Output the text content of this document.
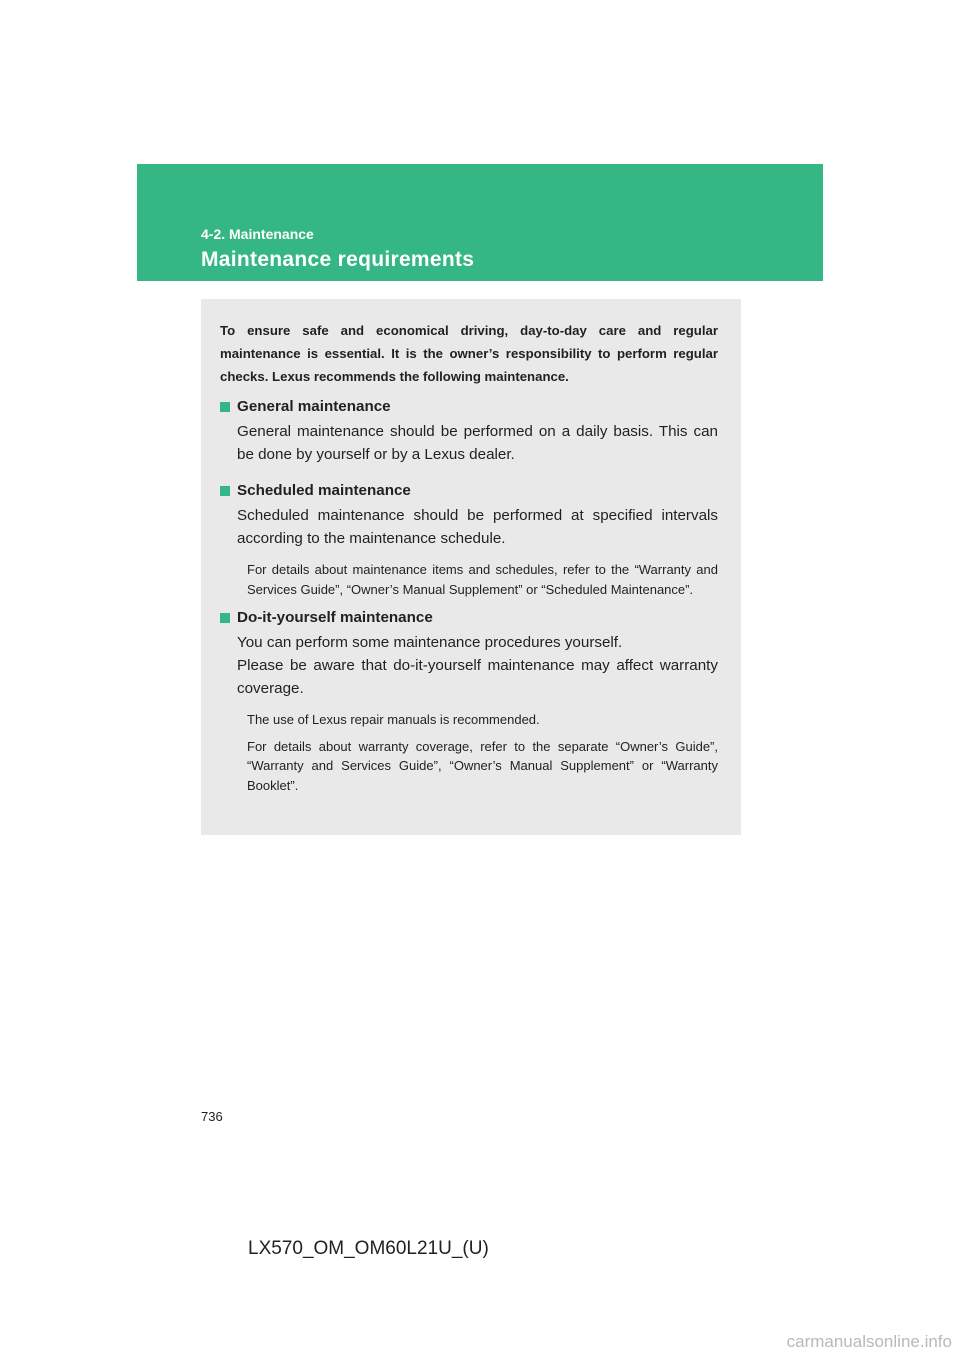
4-2. Maintenance
Maintenance requirements

To ensure safe and economical driving, day-to-day care and regular maintenance is essential. It is the owner’s responsibility to perform regular checks. Lexus recommends the following maintenance.

General maintenance

General maintenance should be performed on a daily basis. This can be done by yourself or by a Lexus dealer.

Scheduled maintenance

Scheduled maintenance should be performed at specified intervals according to the maintenance schedule.

For details about maintenance items and schedules, refer to the “Warranty and Services Guide”, “Owner’s Manual Supplement” or “Scheduled Maintenance”.

Do-it-yourself maintenance

You can perform some maintenance procedures yourself.

Please be aware that do-it-yourself maintenance may affect warranty coverage.

The use of Lexus repair manuals is recommended.

For details about warranty coverage, refer to the separate “Owner’s Guide”, “Warranty and Services Guide”, “Owner’s Manual Supplement” or “Warranty Booklet”.

736
LX570_OM_OM60L21U_(U)
carmanualsonline.info
